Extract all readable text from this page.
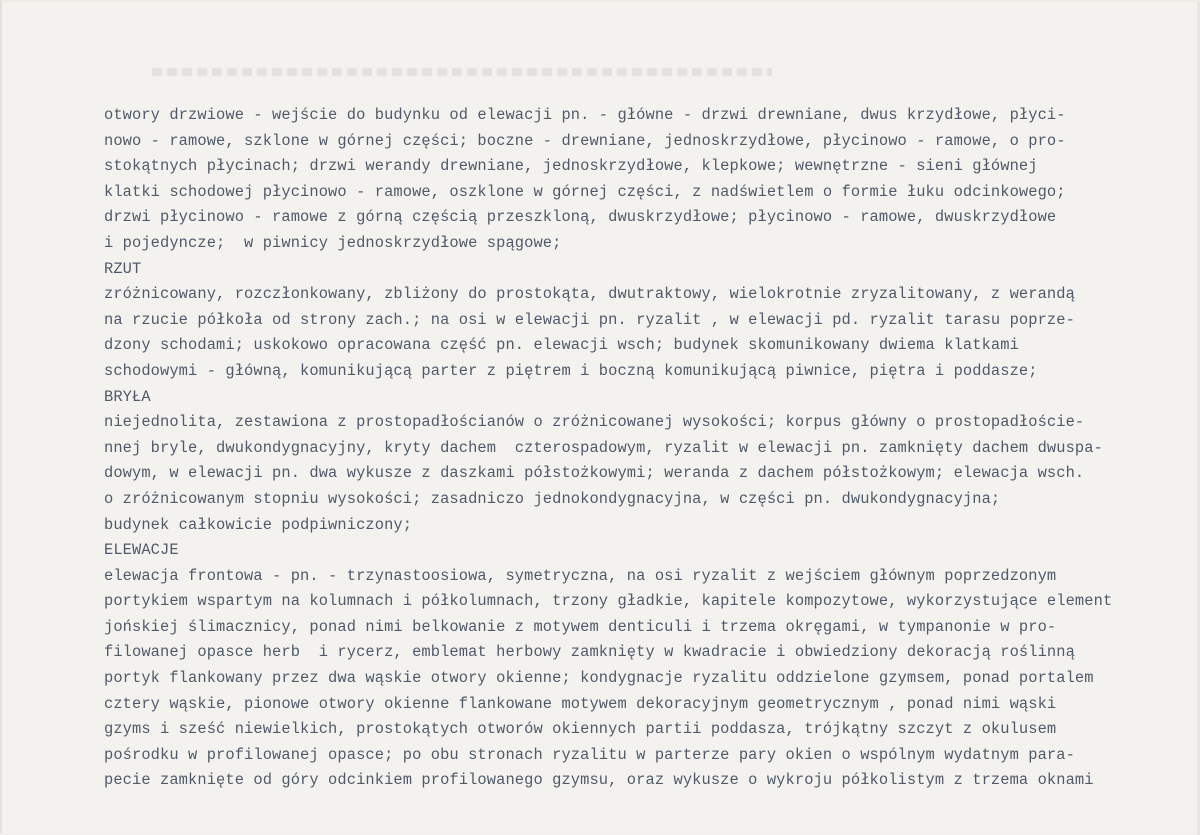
otwory drzwiowe - wejście do budynku od elewacji pn. - główne - drzwi drewniane, dwus krzydłowe, płyci-
nowo - ramowe, szklone w górnej części; boczne - drewniane, jednoskrzydłowe, płycinowo - ramowe, o pro-
stokątnych płycinach; drzwi werandy drewniane, jednoskrzydłowe, klepkowe; wewnętrzne - sieni głównej
klatki schodowej płycinowo - ramowe, oszklone w górnej części, z nadświetlem o formie łuku odcinkowego;
drzwi płycinowo - ramowe z górną częścią przeszkloną, dwuskrzydłowe; płycinowo - ramowe, dwuskrzydłowe
i pojedyncze;  w piwnicy jednoskrzydłowe spągowe;
RZUT
zróżnicowany, rozczłonkowany, zbliżony do prostokąta, dwutraktowy, wielokrotnie zryzalitowany, z werandą
na rzucie półkoła od strony zach.; na osi w elewacji pn. ryzalit , w elewacji pd. ryzalit tarasu poprze-
dzony schodami; uskokowo opracowana część pn. elewacji wsch; budynek skomunikowany dwiema klatkami
schodowymi - główną, komunikującą parter z piętrem i boczną komunikującą piwnice, piętra i poddasze;
BRYŁA
niejednolita, zestawiona z prostopadłościanów o zróżnicowanej wysokości; korpus główny o prostopadłoście-
nnej bryle, dwukondygnacyjny, kryty dachem  czterospadowym, ryzalit w elewacji pn. zamknięty dachem dwuspa-
dowym, w elewacji pn. dwa wykusze z daszkami półstożkowymi; weranda z dachem półstożkowym; elewacja wsch.
o zróżnicowanym stopniu wysokości; zasadniczo jednokondygnacyjna, w części pn. dwukondygnacyjna;
budynek całkowicie podpiwniczony;
ELEWACJE
elewacja frontowa - pn. - trzynastoosiowa, symetryczna, na osi ryzalit z wejściem głównym poprzedzonym
portykiem wspartym na kolumnach i półkolumnach, trzony gładkie, kapitele kompozytowe, wykorzystujące element
jońskiej ślimacznicy, ponad nimi belkowanie z motywem denticuli i trzema okręgami, w tympanonie w pro-
filowanej opasce herb  i rycerz, emblemat herbowy zamknięty w kwadracie i obwiedziony dekoracją roślinną
portyk flankowany przez dwa wąskie otwory okienne; kondygnacje ryzalitu oddzielone gzymsem, ponad portalem
cztery wąskie, pionowe otwory okienne flankowane motywem dekoracyjnym geometrycznym , ponad nimi wąski
gzyms i sześć niewielkich, prostokątych otworów okiennych partii poddasza, trójkątny szczyt z okulusem
pośrodku w profilowanej opasce; po obu stronach ryzalitu w parterze pary okien o wspólnym wydatnym para-
pecie zamknięte od góry odcinkiem profilowanego gzymsu, oraz wykusze o wykroju półkolistym z trzema oknami
